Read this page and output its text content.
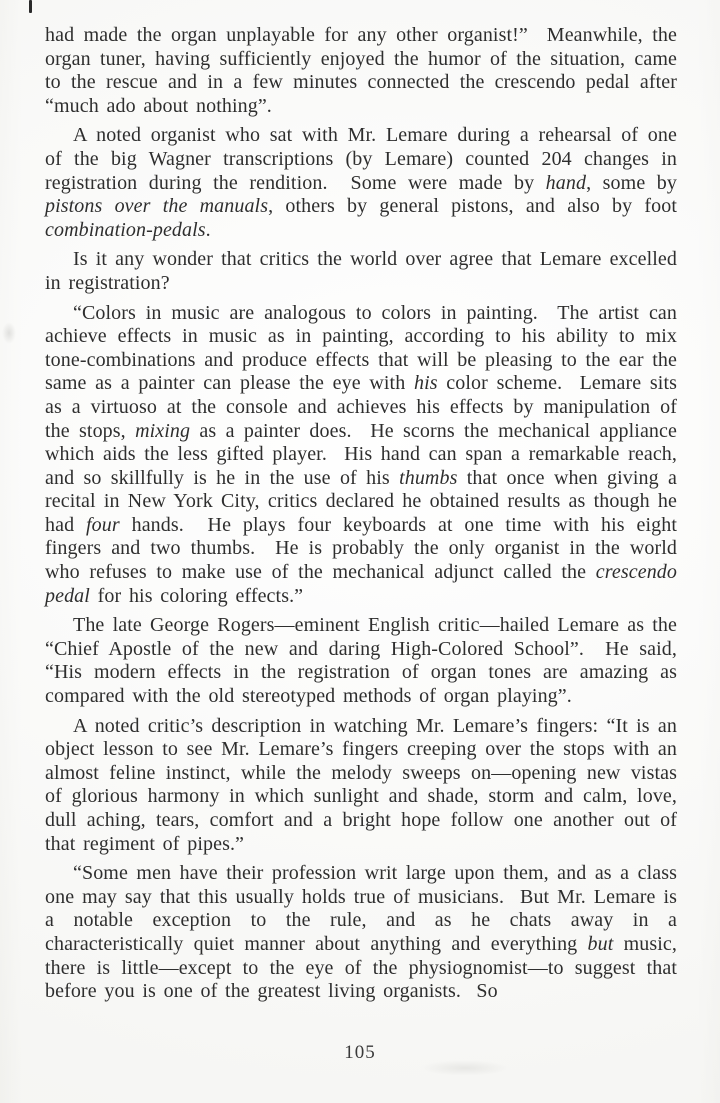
had made the organ unplayable for any other organist!”  Meanwhile, the organ tuner, having sufficiently enjoyed the humor of the situation, came to the rescue and in a few minutes connected the crescendo pedal after “much ado about nothing”.

A noted organist who sat with Mr. Lemare during a rehearsal of one of the big Wagner transcriptions (by Lemare) counted 204 changes in registration during the rendition.  Some were made by hand, some by pistons over the manuals, others by general pistons, and also by foot combination-pedals.

Is it any wonder that critics the world over agree that Lemare excelled in registration?

“Colors in music are analogous to colors in painting.  The artist can achieve effects in music as in painting, according to his ability to mix tone-combinations and produce effects that will be pleasing to the ear the same as a painter can please the eye with his color scheme.  Lemare sits as a virtuoso at the console and achieves his effects by manipulation of the stops, mixing as a painter does.  He scorns the mechanical appliance which aids the less gifted player.  His hand can span a remarkable reach, and so skillfully is he in the use of his thumbs that once when giving a recital in New York City, critics declared he obtained results as though he had four hands.  He plays four keyboards at one time with his eight fingers and two thumbs.  He is probably the only organist in the world who refuses to make use of the mechanical adjunct called the crescendo pedal for his coloring effects.”

The late George Rogers—eminent English critic—hailed Lemare as the “Chief Apostle of the new and daring High-Colored School”.  He said, “His modern effects in the registration of organ tones are amazing as compared with the old stereotyped methods of organ playing”.

A noted critic’s description in watching Mr. Lemare’s fingers: “It is an object lesson to see Mr. Lemare’s fingers creeping over the stops with an almost feline instinct, while the melody sweeps on—opening new vistas of glorious harmony in which sunlight and shade, storm and calm, love, dull aching, tears, comfort and a bright hope follow one another out of that regiment of pipes.”

“Some men have their profession writ large upon them, and as a class one may say that this usually holds true of musicians.  But Mr. Lemare is a notable exception to the rule, and as he chats away in a characteristically quiet manner about anything and everything but music, there is little—except to the eye of the physiognomist—to suggest that before you is one of the greatest living organists.  So

105
